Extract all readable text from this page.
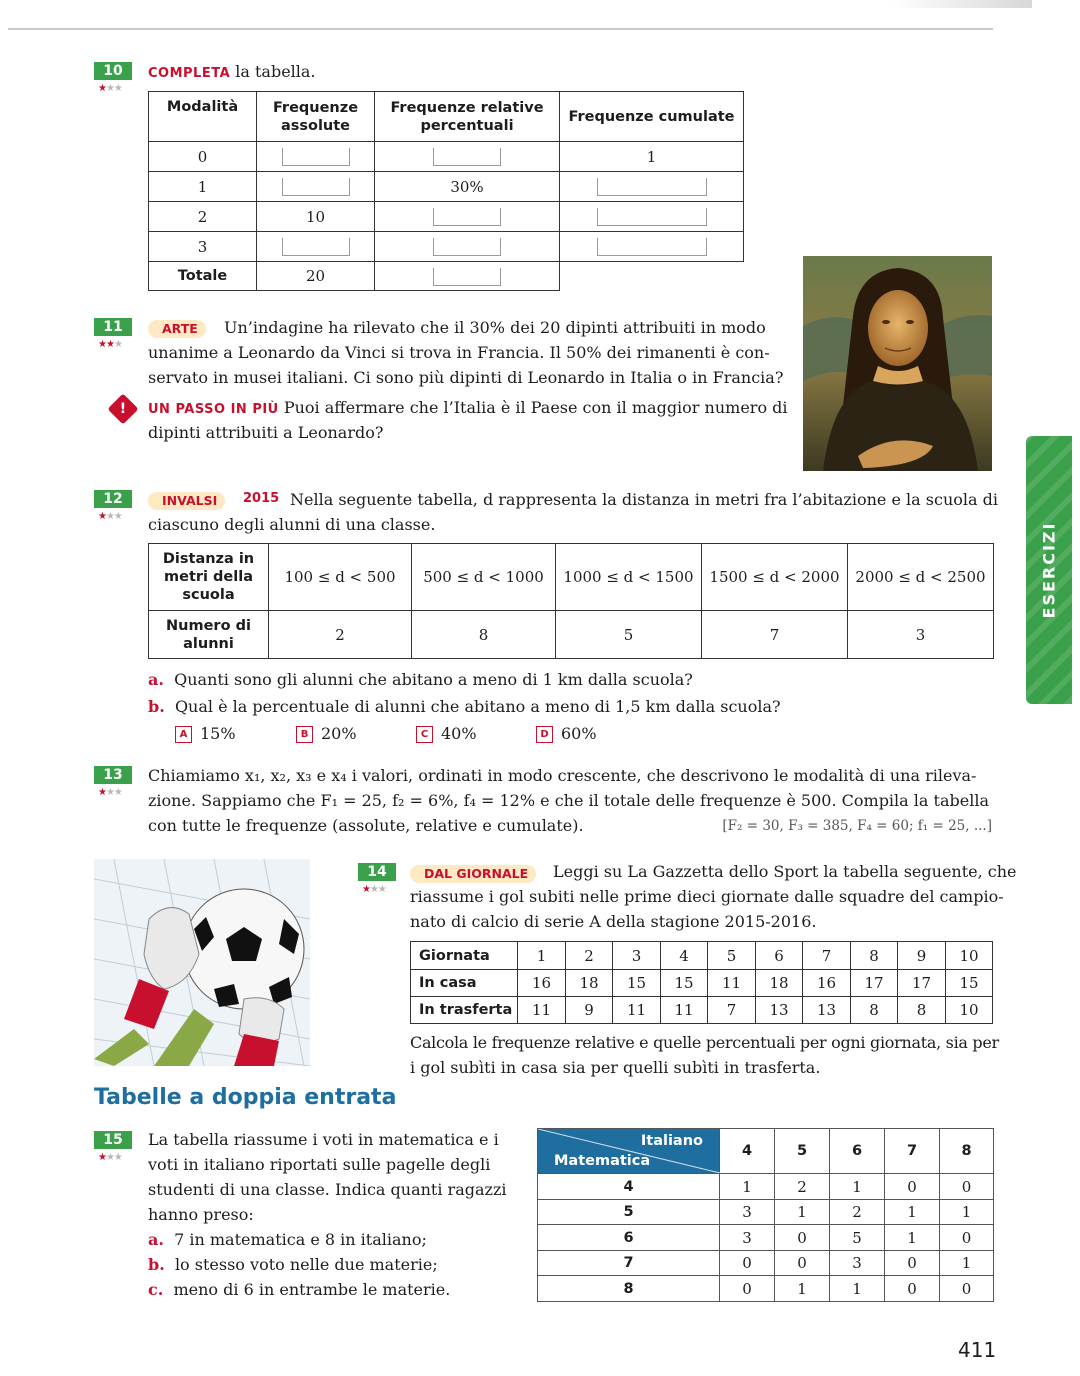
ESERCIZI
10
★★★
COMPLETA la tabella.
Modalità	Frequenze assolute	Frequenze relative percentuali	Frequenze cumulate
0			1
1		30%	
2	10		
3			
Totale	20		
11
★★★
ARTE	Un’indagine ha rilevato che il 30% dei 20 dipinti attribuiti in modo
unanime a Leonardo da Vinci si trova in Francia. Il 50% dei rimanenti è con-
servato in musei italiani. Ci sono più dipinti di Leonardo in Italia o in Francia?
!	UN PASSO IN PIÙ Puoi affermare che l’Italia è il Paese con il maggior numero di
dipinti attribuiti a Leonardo?
12
★★★
INVALSI	2015 Nella seguente tabella, d rappresenta la distanza in metri fra l’abitazione e la scuola di
ciascuno degli alunni di una classe.
Distanza in metri della scuola	100 ≤ d < 500	500 ≤ d < 1000	1000 ≤ d < 1500	1500 ≤ d < 2000	2000 ≤ d < 2500
Numero di alunni	2	8	5	7	3
a. Quanti sono gli alunni che abitano a meno di 1 km dalla scuola?
b. Qual è la percentuale di alunni che abitano a meno di 1,5 km dalla scuola?
A 15%	B 20%	C 40%	D 60%
13
★★★
Chiamiamo x₁, x₂, x₃ e x₄ i valori, ordinati in modo crescente, che descrivono le modalità di una rileva-
zione. Sappiamo che F₁ = 25, f₂ = 6%, f₄ = 12% e che il totale delle frequenze è 500. Compila la tabella
con tutte le frequenze (assolute, relative e cumulate).	[F₂ = 30, F₃ = 385, F₄ = 60; f₁ = 25, ...]
14
★★★
DAL GIORNALE	Leggi su La Gazzetta dello Sport la tabella seguente, che
riassume i gol subiti nelle prime dieci giornate dalle squadre del campio-
nato di calcio di serie A della stagione 2015-2016.
Giornata	1	2	3	4	5	6	7	8	9	10
In casa	16	18	15	15	11	18	16	17	17	15
In trasferta	11	9	11	11	7	13	13	8	8	10
Calcola le frequenze relative e quelle percentuali per ogni giornata, sia per
i gol subìti in casa sia per quelli subìti in trasferta.
Tabelle a doppia entrata
15
★★★
La tabella riassume i voti in matematica e i
voti in italiano riportati sulle pagelle degli
studenti di una classe. Indica quanti ragazzi
hanno preso:
a. 7 in matematica e 8 in italiano;
b. lo stesso voto nelle due materie;
c. meno di 6 in entrambe le materie.
Italiano
Matematica	4	5	6	7	8
4	1	2	1	0	0
5	3	1	2	1	1
6	3	0	5	1	0
7	0	0	3	0	1
8	0	1	1	0	0
411
